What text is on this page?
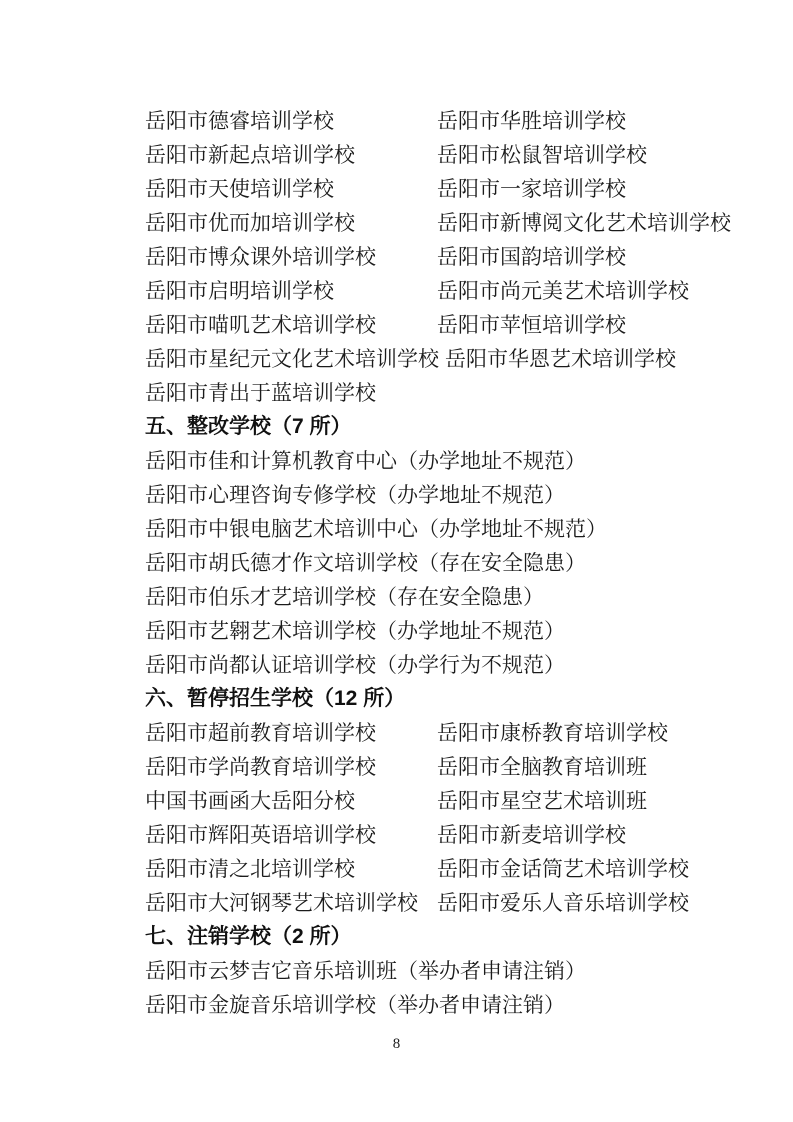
岳阳市德睿培训学校	岳阳市华胜培训学校
岳阳市新起点培训学校	岳阳市松鼠智培训学校
岳阳市天使培训学校	岳阳市一家培训学校
岳阳市优而加培训学校	岳阳市新博阅文化艺术培训学校
岳阳市博众课外培训学校	岳阳市国韵培训学校
岳阳市启明培训学校	岳阳市尚元美艺术培训学校
岳阳市喵叽艺术培训学校	岳阳市苹恒培训学校
岳阳市星纪元文化艺术培训学校 岳阳市华恩艺术培训学校
岳阳市青出于蓝培训学校
五、整改学校（7 所）
岳阳市佳和计算机教育中心（办学地址不规范）
岳阳市心理咨询专修学校（办学地址不规范）
岳阳市中银电脑艺术培训中心（办学地址不规范）
岳阳市胡氏德才作文培训学校（存在安全隐患）
岳阳市伯乐才艺培训学校（存在安全隐患）
岳阳市艺翱艺术培训学校（办学地址不规范）
岳阳市尚都认证培训学校（办学行为不规范）
六、暂停招生学校（12 所）
岳阳市超前教育培训学校	岳阳市康桥教育培训学校
岳阳市学尚教育培训学校	岳阳市全脑教育培训班
中国书画函大岳阳分校	岳阳市星空艺术培训班
岳阳市辉阳英语培训学校	岳阳市新麦培训学校
岳阳市清之北培训学校	岳阳市金话筒艺术培训学校
岳阳市大河钢琴艺术培训学校 岳阳市爱乐人音乐培训学校
七、注销学校（2 所）
岳阳市云梦吉它音乐培训班（举办者申请注销）
岳阳市金旋音乐培训学校（举办者申请注销）
8
